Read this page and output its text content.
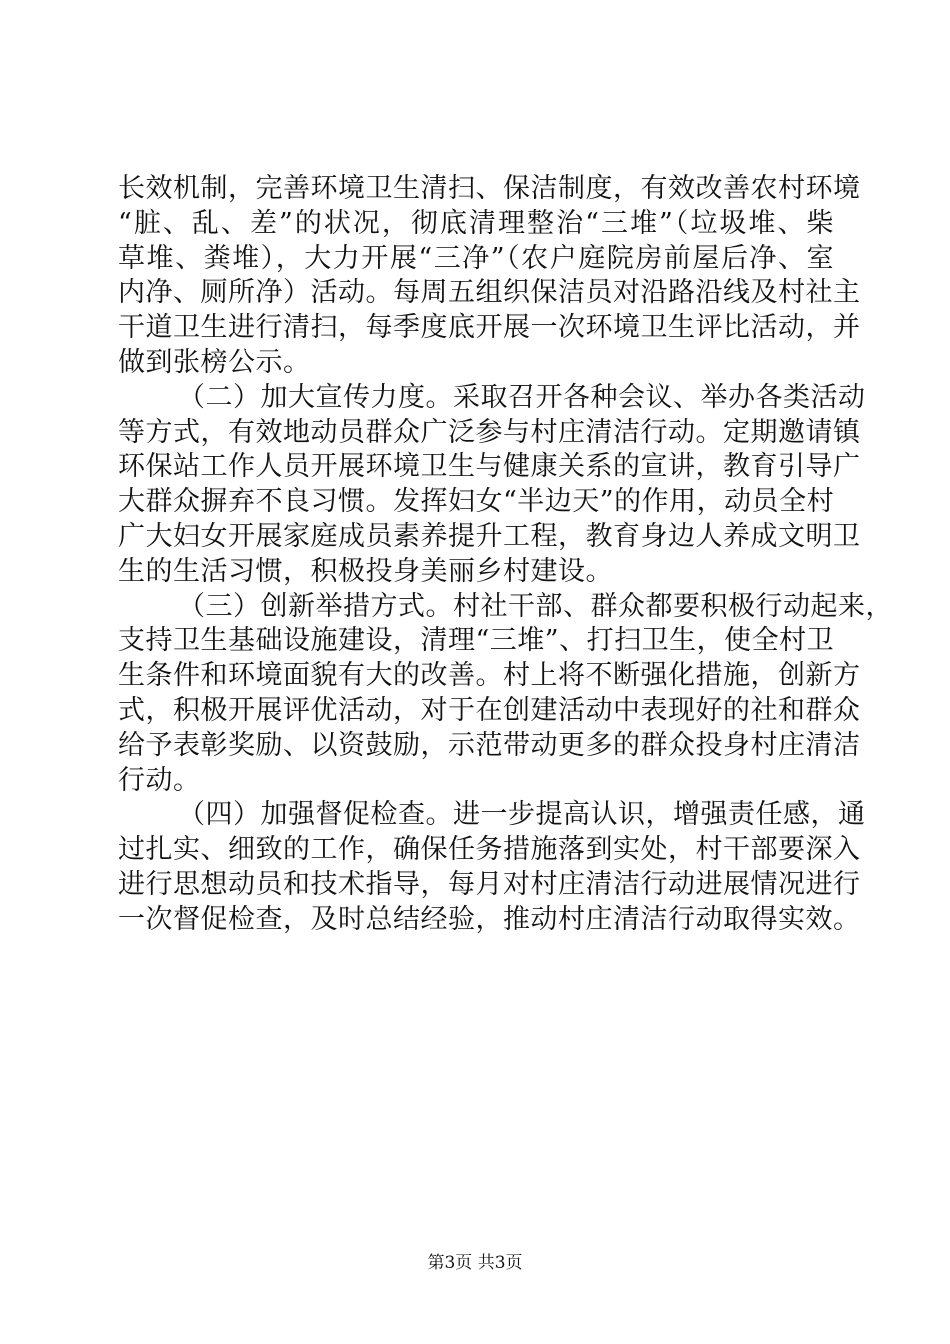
长效机制，完善环境卫生清扫、保洁制度，有效改善农村环境
“脏、乱、差”的状况，彻底清理整治“三堆”（垃圾堆、柴
草堆、粪堆），大力开展“三净”（农户庭院房前屋后净、室
内净、厕所净）活动。每周五组织保洁员对沿路沿线及村社主
干道卫生进行清扫，每季度底开展一次环境卫生评比活动，并
做到张榜公示。
（二）加大宣传力度。采取召开各种会议、举办各类活动
等方式，有效地动员群众广泛参与村庄清洁行动。定期邀请镇
环保站工作人员开展环境卫生与健康关系的宣讲，教育引导广
大群众摒弃不良习惯。发挥妇女“半边天”的作用，动员全村
广大妇女开展家庭成员素养提升工程，教育身边人养成文明卫
生的生活习惯，积极投身美丽乡村建设。
（三）创新举措方式。村社干部、群众都要积极行动起来，
支持卫生基础设施建设，清理“三堆”、打扫卫生，使全村卫
生条件和环境面貌有大的改善。村上将不断强化措施，创新方
式，积极开展评优活动，对于在创建活动中表现好的社和群众
给予表彰奖励、以资鼓励，示范带动更多的群众投身村庄清洁
行动。
（四）加强督促检查。进一步提高认识，增强责任感，通
过扎实、细致的工作，确保任务措施落到实处，村干部要深入
进行思想动员和技术指导，每月对村庄清洁行动进展情况进行
一次督促检查，及时总结经验，推动村庄清洁行动取得实效。
第3页 共3页
